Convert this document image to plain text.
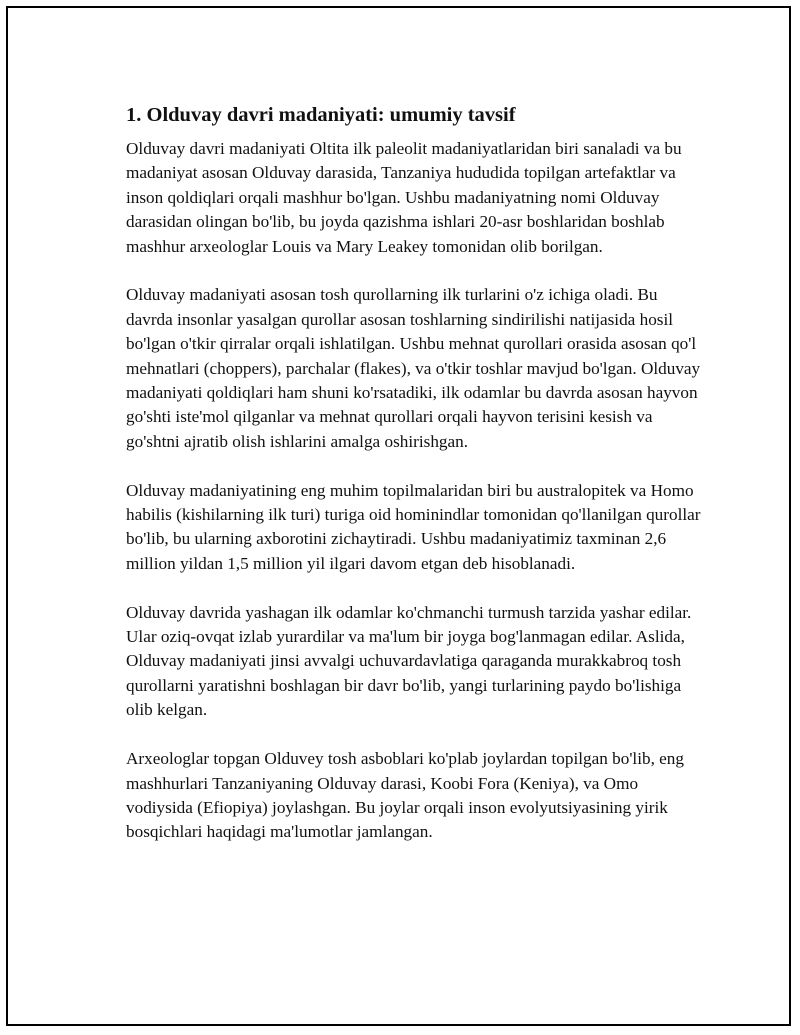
1. Olduvay davri madaniyati: umumiy tavsif

Olduvay davri madaniyati Oltita ilk paleolit madaniyatlaridan biri sanaladi va bu madaniyat asosan Olduvay darasida, Tanzaniya hududida topilgan artefaktlar va inson qoldiqlari orqali mashhur bo'lgan. Ushbu madaniyatning nomi Olduvay darasidan olingan bo'lib, bu joyda qazishma ishlari 20-asr boshlaridan boshlab mashhur arxeologlar Louis va Mary Leakey tomonidan olib borilgan.

Olduvay madaniyati asosan tosh qurollarning ilk turlarini o'z ichiga oladi. Bu davrda insonlar yasalgan qurollar asosan toshlarning sindirilishi natijasida hosil bo'lgan o'tkir qirralar orqali ishlatilgan. Ushbu mehnat qurollari orasida asosan qo'l mehnatlari (choppers), parchalar (flakes), va o'tkir toshlar mavjud bo'lgan. Olduvay madaniyati qoldiqlari ham shuni ko'rsatadiki, ilk odamlar bu davrda asosan hayvon go'shti iste'mol qilganlar va mehnat qurollari orqali hayvon terisini kesish va go'shtni ajratib olish ishlarini amalga oshirishgan.

Olduvay madaniyatining eng muhim topilmalaridan biri bu australopitek va Homo habilis (kishilarning ilk turi) turiga oid hominindlar tomonidan qo'llanilgan qurollar bo'lib, bu ularning axborotini zichaytiradi. Ushbu madaniyatimiz taxminan 2,6 million yildan 1,5 million yil ilgari davom etgan deb hisoblanadi.

Olduvay davrida yashagan ilk odamlar ko'chmanchi turmush tarzida yashar edilar. Ular oziq-ovqat izlab yurardilar va ma'lum bir joyga bog'lanmagan edilar. Aslida, Olduvay madaniyati jinsi avvalgi uchuvardavlatiga qaraganda murakkabroq tosh qurollarni yaratishni boshlagan bir davr bo'lib, yangi turlarining paydo bo'lishiga olib kelgan.

Arxeologlar topgan Olduvey tosh asboblari ko'plab joylardan topilgan bo'lib, eng mashhurlari Tanzaniyaning Olduvay darasi, Koobi Fora (Keniya), va Omo vodiysida (Efiopiya) joylashgan. Bu joylar orqali inson evolyutsiyasining yirik bosqichlari haqidagi ma'lumotlar jamlangan.
